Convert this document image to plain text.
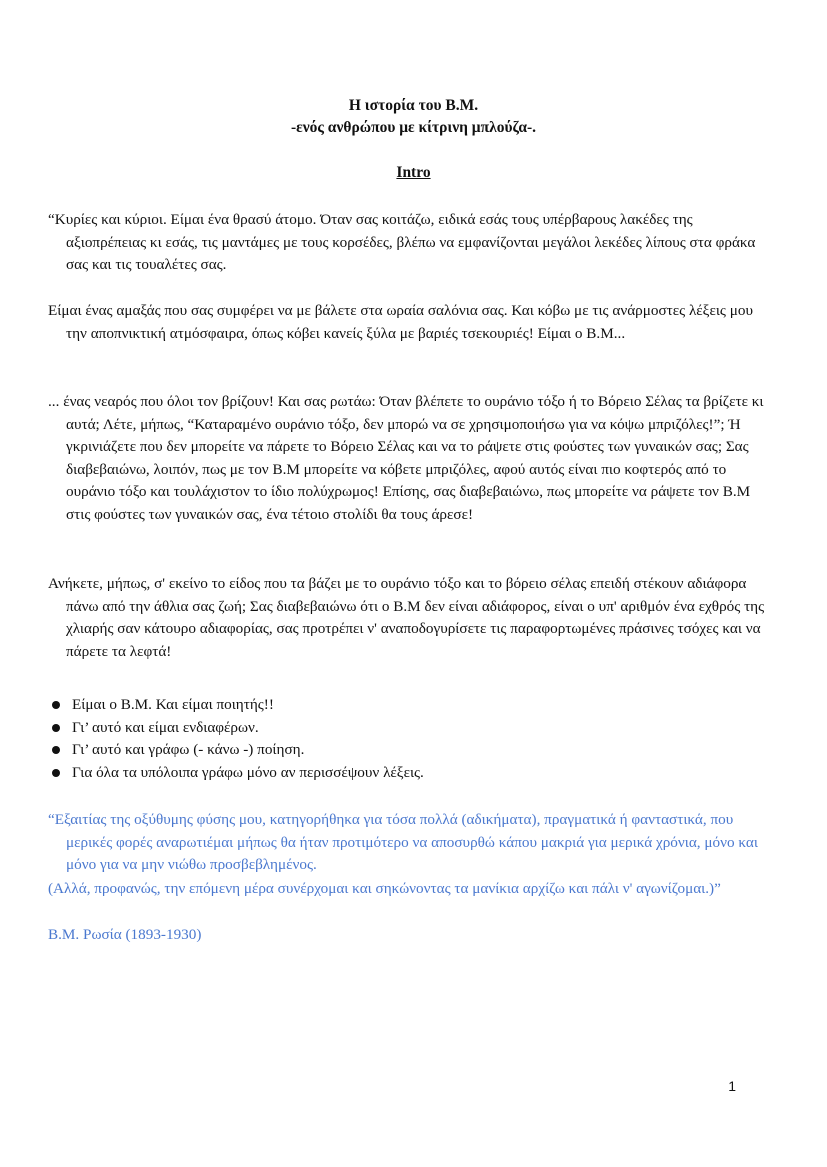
Η ιστορία του Β.Μ.
-ενός ανθρώπου με κίτρινη μπλούζα-.
Intro

“Κυρίες και κύριοι. Είμαι ένα θρασύ άτομο. Όταν σας κοιτάζω, ειδικά εσάς τους υπέρβαρους λακέδες της αξιοπρέπειας κι εσάς, τις μαντάμες με τους κορσέδες, βλέπω να εμφανίζονται μεγάλοι λεκέδες λίπους στα φράκα σας και τις τουαλέτες σας.

Είμαι ένας αμαξάς που σας συμφέρει να με βάλετε στα ωραία σαλόνια σας. Και κόβω με τις ανάρμοστες λέξεις μου την αποπνικτική ατμόσφαιρα, όπως κόβει κανείς ξύλα με βαριές τσεκουριές! Είμαι ο Β.Μ...

... ένας νεαρός που όλοι τον βρίζουν! Και σας ρωτάω: Όταν βλέπετε το ουράνιο τόξο ή το Βόρειο Σέλας τα βρίζετε κι αυτά; Λέτε, μήπως, “Καταραμένο ουράνιο τόξο, δεν μπορώ να σε χρησιμοποιήσω για να κόψω μπριζόλες!”; Ή γκρινιάζετε που δεν μπορείτε να πάρετε το Βόρειο Σέλας και να το ράψετε στις φούστες των γυναικών σας; Σας διαβεβαιώνω, λοιπόν, πως με τον Β.Μ μπορείτε να κόβετε μπριζόλες, αφού αυτός είναι πιο κοφτερός από το ουράνιο τόξο και τουλάχιστον το ίδιο πολύχρωμος! Επίσης, σας διαβεβαιώνω, πως μπορείτε να ράψετε τον Β.Μ στις φούστες των γυναικών σας, ένα τέτοιο στολίδι θα τους άρεσε!

Ανήκετε, μήπως, σ' εκείνο το είδος που τα βάζει με το ουράνιο τόξο και το βόρειο σέλας επειδή στέκουν αδιάφορα πάνω από την άθλια σας ζωή; Σας διαβεβαιώνω ότι ο Β.Μ δεν είναι αδιάφορος, είναι ο υπ' αριθμόν ένα εχθρός της χλιαρής σαν κάτουρο αδιαφορίας, σας προτρέπει ν' αναποδογυρίσετε τις παραφορτωμένες πράσινες τσόχες και να πάρετε τα λεφτά!

Είμαι ο Β.Μ. Και είμαι ποιητής!!
Γι’ αυτό και είμαι ενδιαφέρων.
Γι’ αυτό και γράφω (- κάνω -) ποίηση.
Για όλα τα υπόλοιπα γράφω μόνο αν περισσέψουν λέξεις.

“Εξαιτίας της οξύθυμης φύσης μου, κατηγορήθηκα για τόσα πολλά (αδικήματα), πραγματικά ή φανταστικά, που μερικές φορές αναρωτιέμαι μήπως θα ήταν προτιμότερο να αποσυρθώ κάπου μακριά για μερικά χρόνια, μόνο και μόνο για να μην νιώθω προσβεβλημένος.

(Αλλά, προφανώς, την επόμενη μέρα συνέρχομαι και σηκώνοντας τα μανίκια αρχίζω και πάλι ν' αγωνίζομαι.)”

Β.Μ. Ρωσία (1893-1930)

1
